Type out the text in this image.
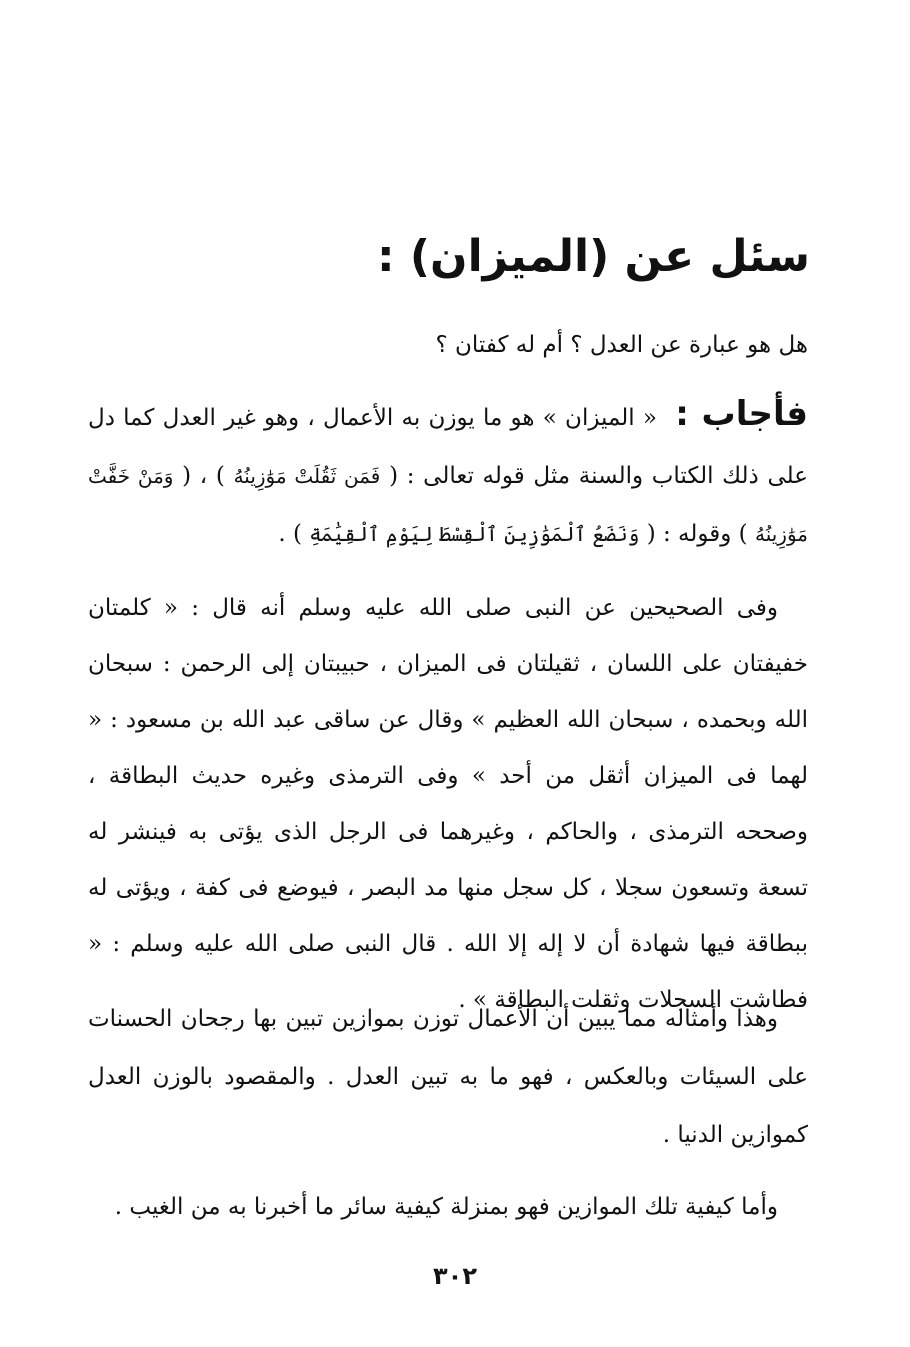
سئل عن (الميزان) :
هل هو عبارة عن العدل ؟ أم له كفتان ؟
فأجاب : « الميزان » هو ما يوزن به الأعمال ، وهو غير العدل كما دل على ذلك الكتاب والسنة مثل قوله تعالى : ( فَمَن ثَقُلَتْ مَوَٰزِينُهُ ) ، ( وَمَنْ خَفَّتْ مَوَٰزِينُهُ ) وقوله : ( وَنَضَعُ ٱلْمَوَٰزِينَ ٱلْقِسْطَ لِيَوْمِ ٱلْقِيَٰمَةِ ) .
وفى الصحيحين عن النبى صلى الله عليه وسلم أنه قال : « كلمتان خفيفتان على اللسان ، ثقيلتان فى الميزان ، حبيبتان إلى الرحمن : سبحان الله وبحمده ، سبحان الله العظيم » وقال عن ساقى عبد الله بن مسعود : « لهما فى الميزان أثقل من أحد » وفى الترمذى وغيره حديث البطاقة ، وصححه الترمذى ، والحاكم ، وغيرهما فى الرجل الذى يؤتى به فينشر له تسعة وتسعون سجلا ، كل سجل منها مد البصر ، فيوضع فى كفة ، ويؤتى له ببطاقة فيها شهادة أن لا إله إلا الله . قال النبى صلى الله عليه وسلم : « فطاشت السجلات وثقلت البطاقة » .
وهذا وأمثاله مما يبين أن الأعمال توزن بموازين تبين بها رجحان الحسنات على السيئات وبالعكس ، فهو ما به تبين العدل . والمقصود بالوزن العدل كموازين الدنيا .
وأما كيفية تلك الموازين فهو بمنزلة كيفية سائر ما أخبرنا به من الغيب .
٣٠٢
